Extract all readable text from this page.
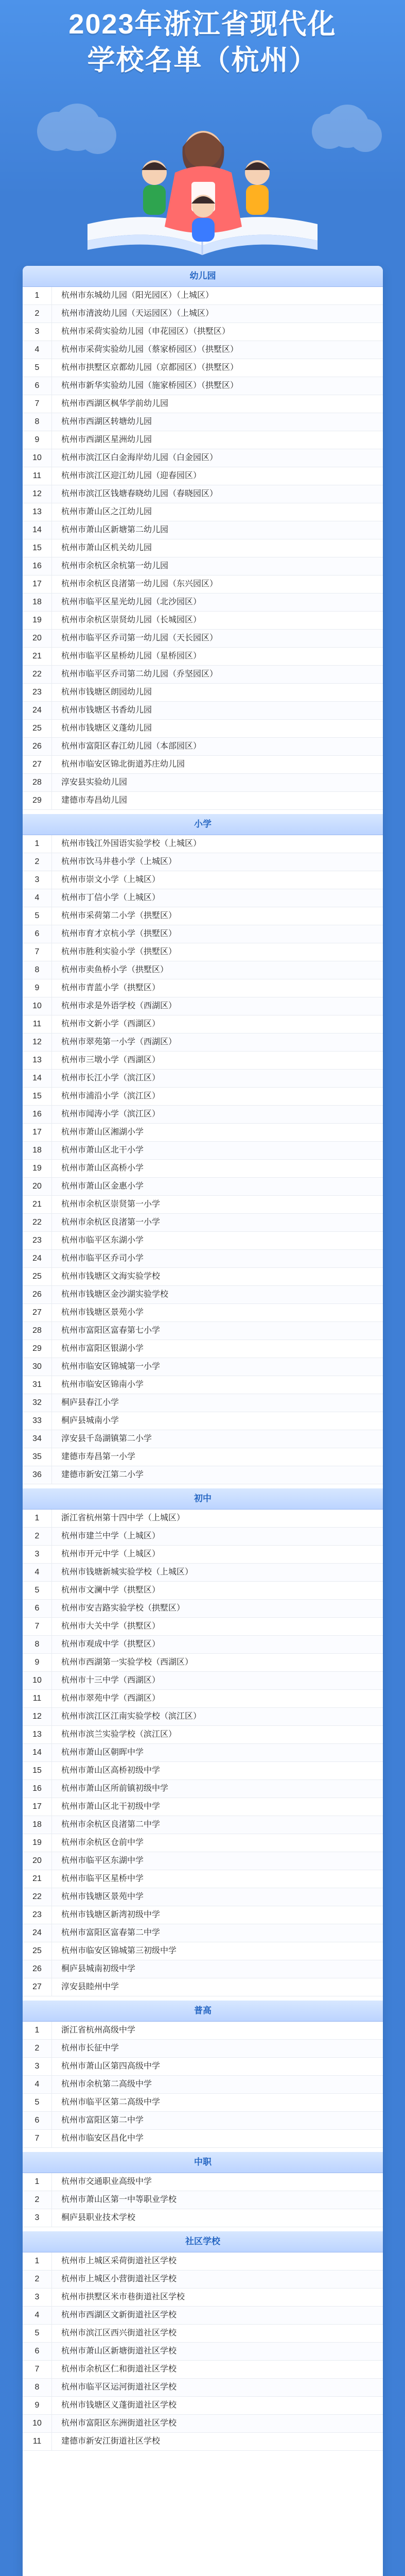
2023年浙江省现代化
学校名单（杭州）
幼儿园
1	杭州市东城幼儿园（阳光园区）（上城区）
2	杭州市清波幼儿园（天运园区）（上城区）
3	杭州市采荷实验幼儿园（申花园区）（拱墅区）
4	杭州市采荷实验幼儿园（蔡家桥园区）（拱墅区）
5	杭州市拱墅区京都幼儿园（京都园区）（拱墅区）
6	杭州市新华实验幼儿园（施家桥园区）（拱墅区）
7	杭州市西湖区枫华学前幼儿园
8	杭州市西湖区转塘幼儿园
9	杭州市西湖区星洲幼儿园
10	杭州市滨江区白金海岸幼儿园（白金园区）
11	杭州市滨江区迎江幼儿园（迎春园区）
12	杭州市滨江区钱塘春晓幼儿园（春晓园区）
13	杭州市萧山区之江幼儿园
14	杭州市萧山区新塘第二幼儿园
15	杭州市萧山区机关幼儿园
16	杭州市余杭区余杭第一幼儿园
17	杭州市余杭区良渚第一幼儿园（东兴园区）
18	杭州市临平区星光幼儿园（北沙园区）
19	杭州市余杭区崇贤幼儿园（长城园区）
20	杭州市临平区乔司第一幼儿园（天长园区）
21	杭州市临平区星桥幼儿园（星桥园区）
22	杭州市临平区乔司第二幼儿园（乔坚园区）
23	杭州市钱塘区朗园幼儿园
24	杭州市钱塘区书香幼儿园
25	杭州市钱塘区义蓬幼儿园
26	杭州市富阳区春江幼儿园（本部园区）
27	杭州市临安区锦北街道苏庄幼儿园
28	淳安县实验幼儿园
29	建德市寿昌幼儿园
小学
1	杭州市钱江外国语实验学校（上城区）
2	杭州市饮马井巷小学（上城区）
3	杭州市崇文小学（上城区）
4	杭州市丁信小学（上城区）
5	杭州市采荷第二小学（拱墅区）
6	杭州市育才京杭小学（拱墅区）
7	杭州市胜利实验小学（拱墅区）
8	杭州市卖鱼桥小学（拱墅区）
9	杭州市青蓝小学（拱墅区）
10	杭州市求是外语学校（西湖区）
11	杭州市文新小学（西湖区）
12	杭州市翠苑第一小学（西湖区）
13	杭州市三墩小学（西湖区）
14	杭州市长江小学（滨江区）
15	杭州市浦沿小学（滨江区）
16	杭州市闻涛小学（滨江区）
17	杭州市萧山区湘湖小学
18	杭州市萧山区北干小学
19	杭州市萧山区高桥小学
20	杭州市萧山区金惠小学
21	杭州市余杭区崇贤第一小学
22	杭州市余杭区良渚第一小学
23	杭州市临平区东湖小学
24	杭州市临平区乔司小学
25	杭州市钱塘区文海实验学校
26	杭州市钱塘区金沙湖实验学校
27	杭州市钱塘区景苑小学
28	杭州市富阳区富春第七小学
29	杭州市富阳区银湖小学
30	杭州市临安区锦城第一小学
31	杭州市临安区锦南小学
32	桐庐县春江小学
33	桐庐县城南小学
34	淳安县千岛湖镇第二小学
35	建德市寿昌第一小学
36	建德市新安江第二小学
初中
1	浙江省杭州第十四中学（上城区）
2	杭州市建兰中学（上城区）
3	杭州市开元中学（上城区）
4	杭州市钱塘新城实验学校（上城区）
5	杭州市文澜中学（拱墅区）
6	杭州市安吉路实验学校（拱墅区）
7	杭州市大关中学（拱墅区）
8	杭州市观成中学（拱墅区）
9	杭州市西湖第一实验学校（西湖区）
10	杭州市十三中学（西湖区）
11	杭州市翠苑中学（西湖区）
12	杭州市滨江区江南实验学校（滨江区）
13	杭州市滨兰实验学校（滨江区）
14	杭州市萧山区朝晖中学
15	杭州市萧山区高桥初级中学
16	杭州市萧山区所前镇初级中学
17	杭州市萧山区北干初级中学
18	杭州市余杭区良渚第二中学
19	杭州市余杭区仓前中学
20	杭州市临平区东湖中学
21	杭州市临平区星桥中学
22	杭州市钱塘区景苑中学
23	杭州市钱塘区新湾初级中学
24	杭州市富阳区富春第二中学
25	杭州市临安区锦城第三初级中学
26	桐庐县城南初级中学
27	淳安县睦州中学
普高
1	浙江省杭州高级中学
2	杭州市长征中学
3	杭州市萧山区第四高级中学
4	杭州市余杭第二高级中学
5	杭州市临平区第二高级中学
6	杭州市富阳区第二中学
7	杭州市临安区昌化中学
中职
1	杭州市交通职业高级中学
2	杭州市萧山区第一中等职业学校
3	桐庐县职业技术学校
社区学校
1	杭州市上城区采荷街道社区学校
2	杭州市上城区小营街道社区学校
3	杭州市拱墅区米市巷街道社区学校
4	杭州市西湖区文新街道社区学校
5	杭州市滨江区西兴街道社区学校
6	杭州市萧山区新塘街道社区学校
7	杭州市余杭区仁和街道社区学校
8	杭州市临平区运河街道社区学校
9	杭州市钱塘区义蓬街道社区学校
10	杭州市富阳区东洲街道社区学校
11	建德市新安江街道社区学校
